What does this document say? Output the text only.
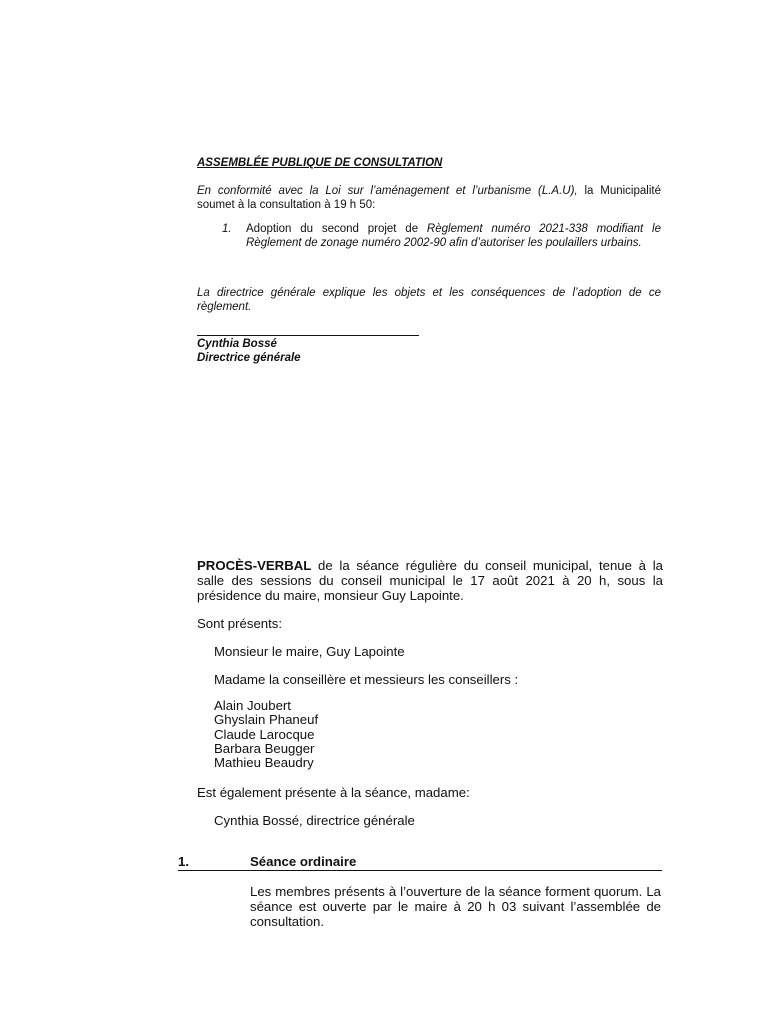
ASSEMBLÉE PUBLIQUE DE CONSULTATION
En conformité avec la Loi sur l’aménagement et l’urbanisme (L.A.U), la Municipalité soumet à la consultation à 19 h 50:
1. Adoption du second projet de Règlement numéro 2021-338 modifiant le Règlement de zonage numéro 2002-90 afin d’autoriser les poulaillers urbains.
La directrice générale explique les objets et les conséquences de l’adoption de ce règlement.
Cynthia Bossé
Directrice générale
PROCÈS-VERBAL de la séance régulière du conseil municipal, tenue à la salle des sessions du conseil municipal le 17 août 2021 à 20 h, sous la présidence du maire, monsieur Guy Lapointe.
Sont présents:
Monsieur le maire, Guy Lapointe
Madame la conseillère et messieurs les conseillers :
Alain Joubert
Ghyslain Phaneuf
Claude Larocque
Barbara Beugger
Mathieu Beaudry
Est également présente à la séance, madame:
Cynthia Bossé, directrice générale
1.	Séance ordinaire
Les membres présents à l’ouverture de la séance forment quorum. La séance est ouverte par le maire à 20 h 03 suivant l’assemblée de consultation.
